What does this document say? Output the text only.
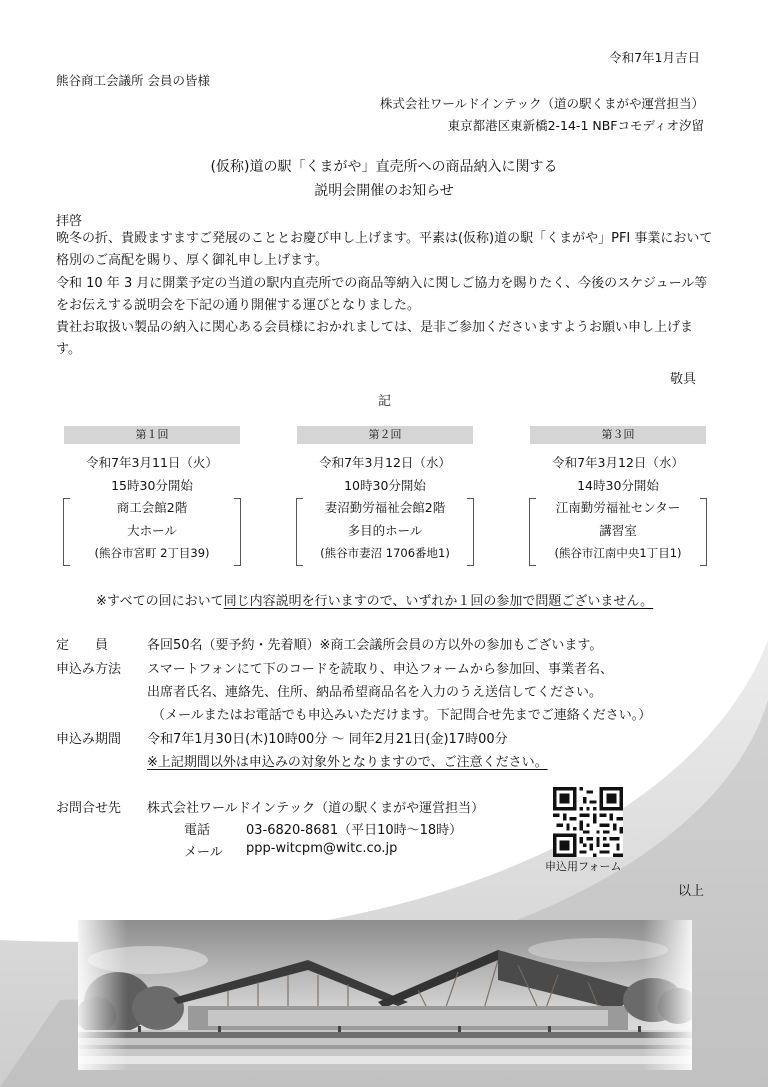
令和7年1月吉日
熊谷商工会議所 会員の皆様
株式会社ワールドインテック（道の駅くまがや運営担当）
東京都港区東新橋2-14-1 NBFコモディオ汐留
(仮称)道の駅「くまがや」直売所への商品納入に関する
説明会開催のお知らせ
拝啓
晩冬の折、貴殿ますますご発展のこととお慶び申し上げます。平素は(仮称)道の駅「くまがや」PFI 事業において格別のご高配を賜り、厚く御礼申し上げます。
令和 10 年 3 月に開業予定の当道の駅内直売所での商品等納入に関しご協力を賜りたく、今後のスケジュール等をお伝えする説明会を下記の通り開催する運びとなりました。
貴社お取扱い製品の納入に関心ある会員様におかれましては、是非ご参加くださいますようお願い申し上げます。
敬具
記
第１回
令和7年3月11日（火）
15時30分開始
商工会館2階
大ホール
(熊谷市宮町 2丁目39)
第２回
令和7年3月12日（水）
10時30分開始
妻沼勤労福祉会館2階
多目的ホール
(熊谷市妻沼 1706番地1)
第３回
令和7年3月12日（水）
14時30分開始
江南勤労福祉センター
講習室
(熊谷市江南中央1丁目1)
※すべての回において同じ内容説明を行いますので、いずれか１回の参加で問題ございません。
定　　員	各回50名（要予約・先着順）※商工会議所会員の方以外の参加もございます。
申込み方法 スマートフォンにて下のコードを読取り、申込フォームから参加回、事業者名、
出席者氏名、連絡先、住所、納品希望商品名を入力のうえ送信してください。
（メールまたはお電話でも申込みいただけます。下記問合せ先までご連絡ください。）
申込み期間 令和7年1月30日(木)10時00分 ～ 同年2月21日(金)17時00分
※上記期間以外は申込みの対象外となりますので、ご注意ください。
お問合せ先 株式会社ワールドインテック（道の駅くまがや運営担当）
電話	03-6820-8681（平日10時～18時）
メール ppp-witcpm@witc.co.jp
申込用フォーム
以上
